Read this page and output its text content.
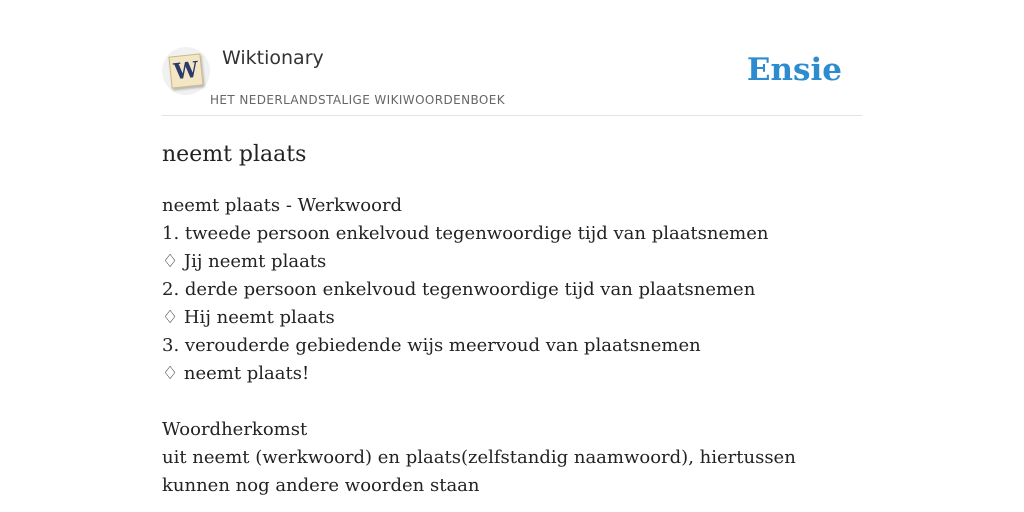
W Wiktionary
HET NEDERLANDSTALIGE WIKIWOORDENBOEK
Ensie
neemt plaats
neemt plaats - Werkwoord
1. tweede persoon enkelvoud tegenwoordige tijd van plaatsnemen
♢ Jij neemt plaats
2. derde persoon enkelvoud tegenwoordige tijd van plaatsnemen
♢ Hij neemt plaats
3. verouderde gebiedende wijs meervoud van plaatsnemen
♢ neemt plaats!
Woordherkomst
uit neemt (werkwoord) en plaats(zelfstandig naamwoord), hiertussen kunnen nog andere woorden staan
